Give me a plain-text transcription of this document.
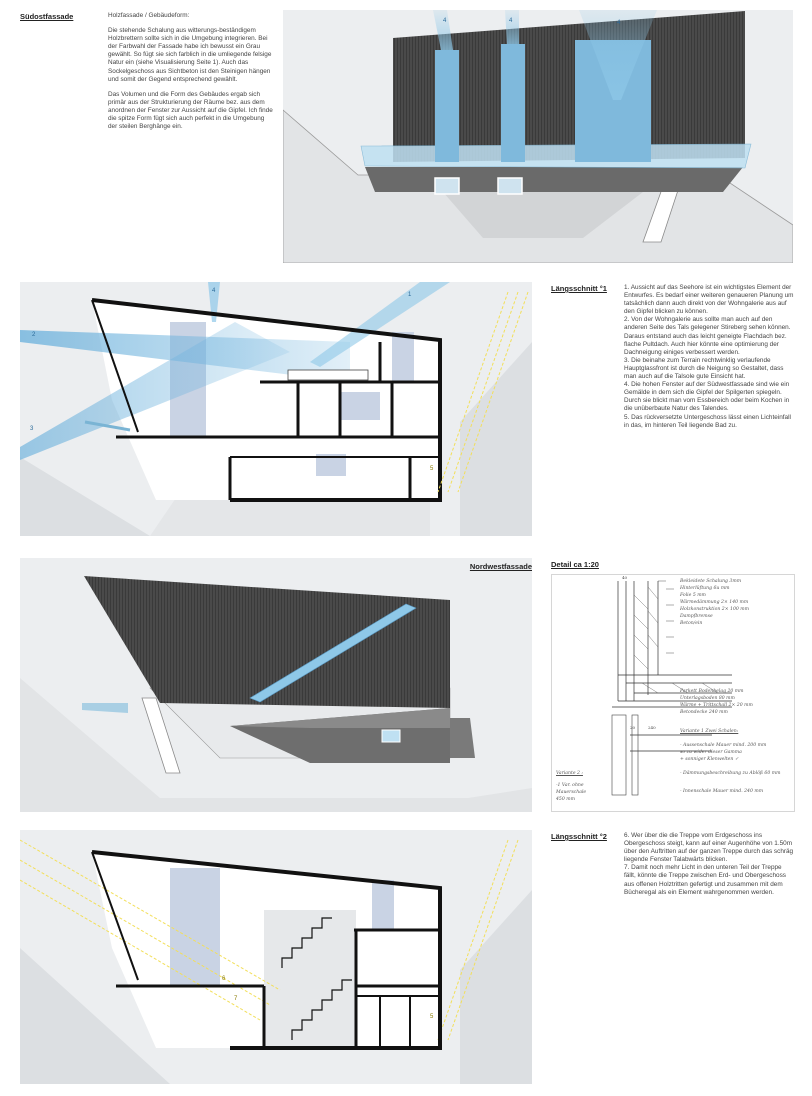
Südostfassade	Holzfassade / Gebäudeform:

Die stehende Schalung aus witterungs-beständigem Holzbrettern sollte sich in die Umgebung integrieren. Bei der Farbwahl der Fassade habe ich bewusst ein Grau gewählt. So fügt sie sich farblich in die umliegende felsige Natur ein (siehe Visualisierung Seite 1). Auch das Sockelgeschoss aus Sichtbeton ist den Steinigen hängen und somit der Gegend entsprechend gewählt.

Das Volumen und die Form des Gebäudes ergab sich primär aus der Strukturierung der Räume bez. aus dem anordnen der Fenster zur Aussicht auf die Gipfel. Ich finde die spitze Form fügt sich auch perfekt in die Umgebung der steilen Berghänge ein.

4	4	4
1
2
3
4
5
Längsschnitt °1	1. Aussicht auf das Seehore ist ein wichtigstes Element der Entwurfes. Es bedarf einer weiteren genaueren Planung um tatsächlich dann auch direkt von der Wohngalerie aus auf den Gipfel blicken zu können.

2. Von der Wohngalerie aus sollte man auch auf den anderen Seite des Tals gelegener Stireberg sehen können. Daraus entstand auch das leicht geneigte Flachdach bez. flache Pultdach. Auch hier könnte eine optimierung der Dachneigung einiges verbessert werden.

3. Die beinahe zum Terrain rechtwinklig verlaufende Hauptglassfront ist durch die Neigung so Gestaltet, dass man auch auf die Talsole gute Einsicht hat.

4. Die hohen Fenster auf der Südwestfassade sind wie ein Gemälde in dem sich die Gipfel der Spilgerten spiegeln. Durch sie blickt man vom Essbereich oder beim Kochen in die unüberbaute Natur des Talendes.

5. Das rückversetzte Untergeschoss lässt einen Lichteinfall in das, im hinteren Teil liegende Bad zu.

Nordwestfassade	Detail ca 1:20
40
20	240
Bekleidete Schalung 3mm
Hinterlüftung 6u mm
Folie 5 mm
Wärmedämmung 2× 140 mm
Holzkonstruktion 2× 100 mm
Dampfbremse
Beton/ein
Parkett Bodenbelag 20 mm
Unterlagsboden 80 mm
Wärme + Trittschall 2× 20 mm
Betondecke 240 mm
Variante 1 Zwei Schalen:
- Aussenschale Mauer mind. 200 mm
so zu wider dieser Gamma
+ sonniger Klenwelten ✓
- Dämmungsbeschreibung zu Ablöß 60 mm
- Innenschale Mauer mind. 240 mm
Variante 2 :
-1 Var. ohne
Mauerschale
450 mm
6
7
5
Längsschnitt °2	6. Wer über die die Treppe vom Erdgeschoss ins Obergeschoss steigt, kann auf einer Augenhöhe von 1.50m über den Auftritten auf der ganzen Treppe durch das schräg liegende Fenster Talabwärts blicken.

7. Damit noch mehr Licht in den unteren Teil der Treppe fällt, könnte die Treppe zwischen Erd- und Obergeschoss aus offenen Holztritten gefertigt und zusammen mit dem Bücheregal als ein Element wahrgenommen werden.
